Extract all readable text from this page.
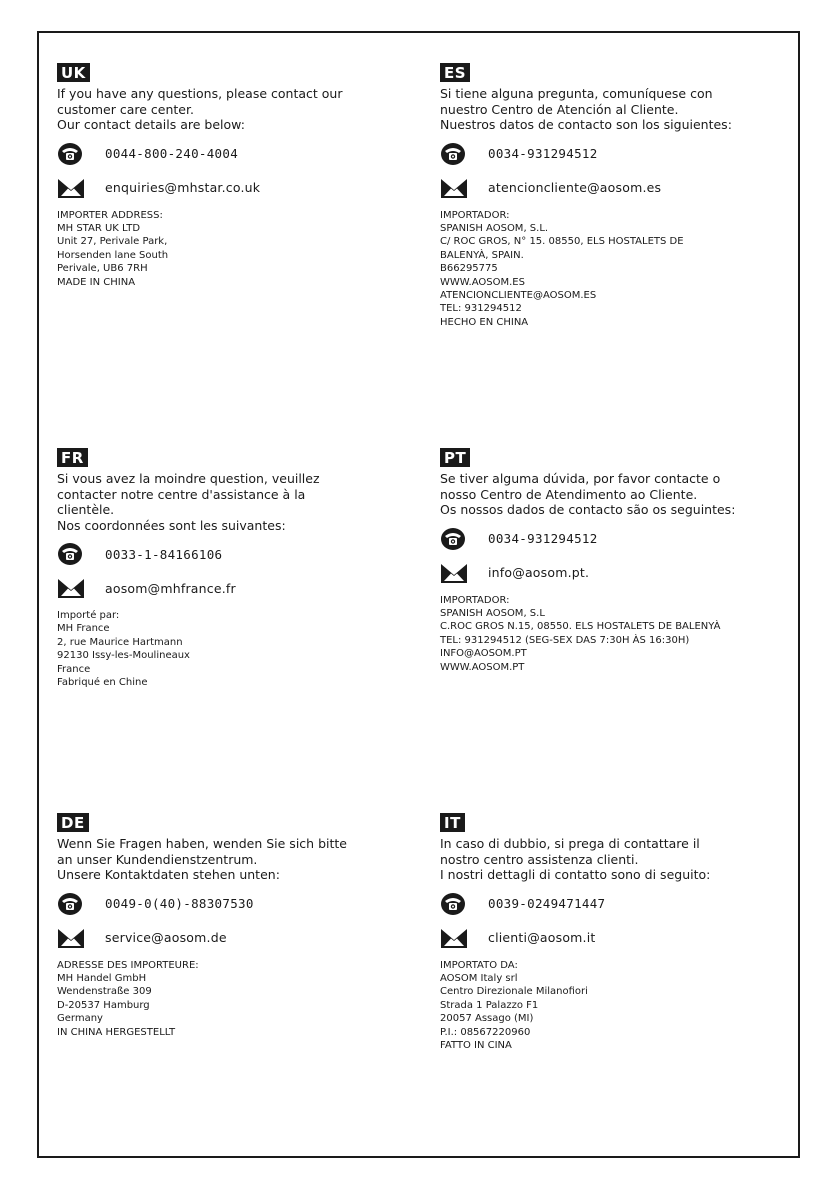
UK
If you have any questions, please contact our
customer care center.
Our contact details are below:
0044-800-240-4004
enquiries@mhstar.co.uk
IMPORTER ADDRESS:
MH STAR UK LTD
Unit 27, Perivale Park,
Horsenden lane South
Perivale, UB6 7RH
MADE IN CHINA
ES
Si tiene alguna pregunta, comuníquese con
nuestro Centro de Atención al Cliente.
Nuestros datos de contacto son los siguientes:
0034-931294512
atencioncliente@aosom.es
IMPORTADOR:
SPANISH AOSOM, S.L.
C/ ROC GROS, N° 15. 08550, ELS HOSTALETS DE
BALENYÀ, SPAIN.
B66295775
WWW.AOSOM.ES
ATENCIONCLIENTE@AOSOM.ES
TEL: 931294512
HECHO EN CHINA
FR
Si vous avez la moindre question, veuillez
contacter notre centre d'assistance à la
clientèle.
Nos coordonnées sont les suivantes:
0033-1-84166106
aosom@mhfrance.fr
Importé par:
MH France
2, rue Maurice Hartmann
92130 Issy-les-Moulineaux
France
Fabriqué en Chine
PT
Se tiver alguma dúvida, por favor contacte o
nosso Centro de Atendimento ao Cliente.
Os nossos dados de contacto são os seguintes:
0034-931294512
info@aosom.pt.
IMPORTADOR:
SPANISH AOSOM, S.L
C.ROC GROS N.15, 08550. ELS HOSTALETS DE BALENYÀ
TEL: 931294512 (SEG-SEX DAS 7:30H ÀS 16:30H)
INFO@AOSOM.PT
WWW.AOSOM.PT
DE
Wenn Sie Fragen haben, wenden Sie sich bitte
an unser Kundendienstzentrum.
Unsere Kontaktdaten stehen unten:
0049-0(40)-88307530
service@aosom.de
ADRESSE DES IMPORTEURE:
MH Handel GmbH
Wendenstraße 309
D-20537 Hamburg
Germany
IN CHINA HERGESTELLT
IT
In caso di dubbio, si prega di contattare il
nostro centro assistenza clienti.
I nostri dettagli di contatto sono di seguito:
0039-0249471447
clienti@aosom.it
IMPORTATO DA:
AOSOM Italy srl
Centro Direzionale Milanofiori
Strada 1 Palazzo F1
20057 Assago (MI)
P.I.: 08567220960
FATTO IN CINA
